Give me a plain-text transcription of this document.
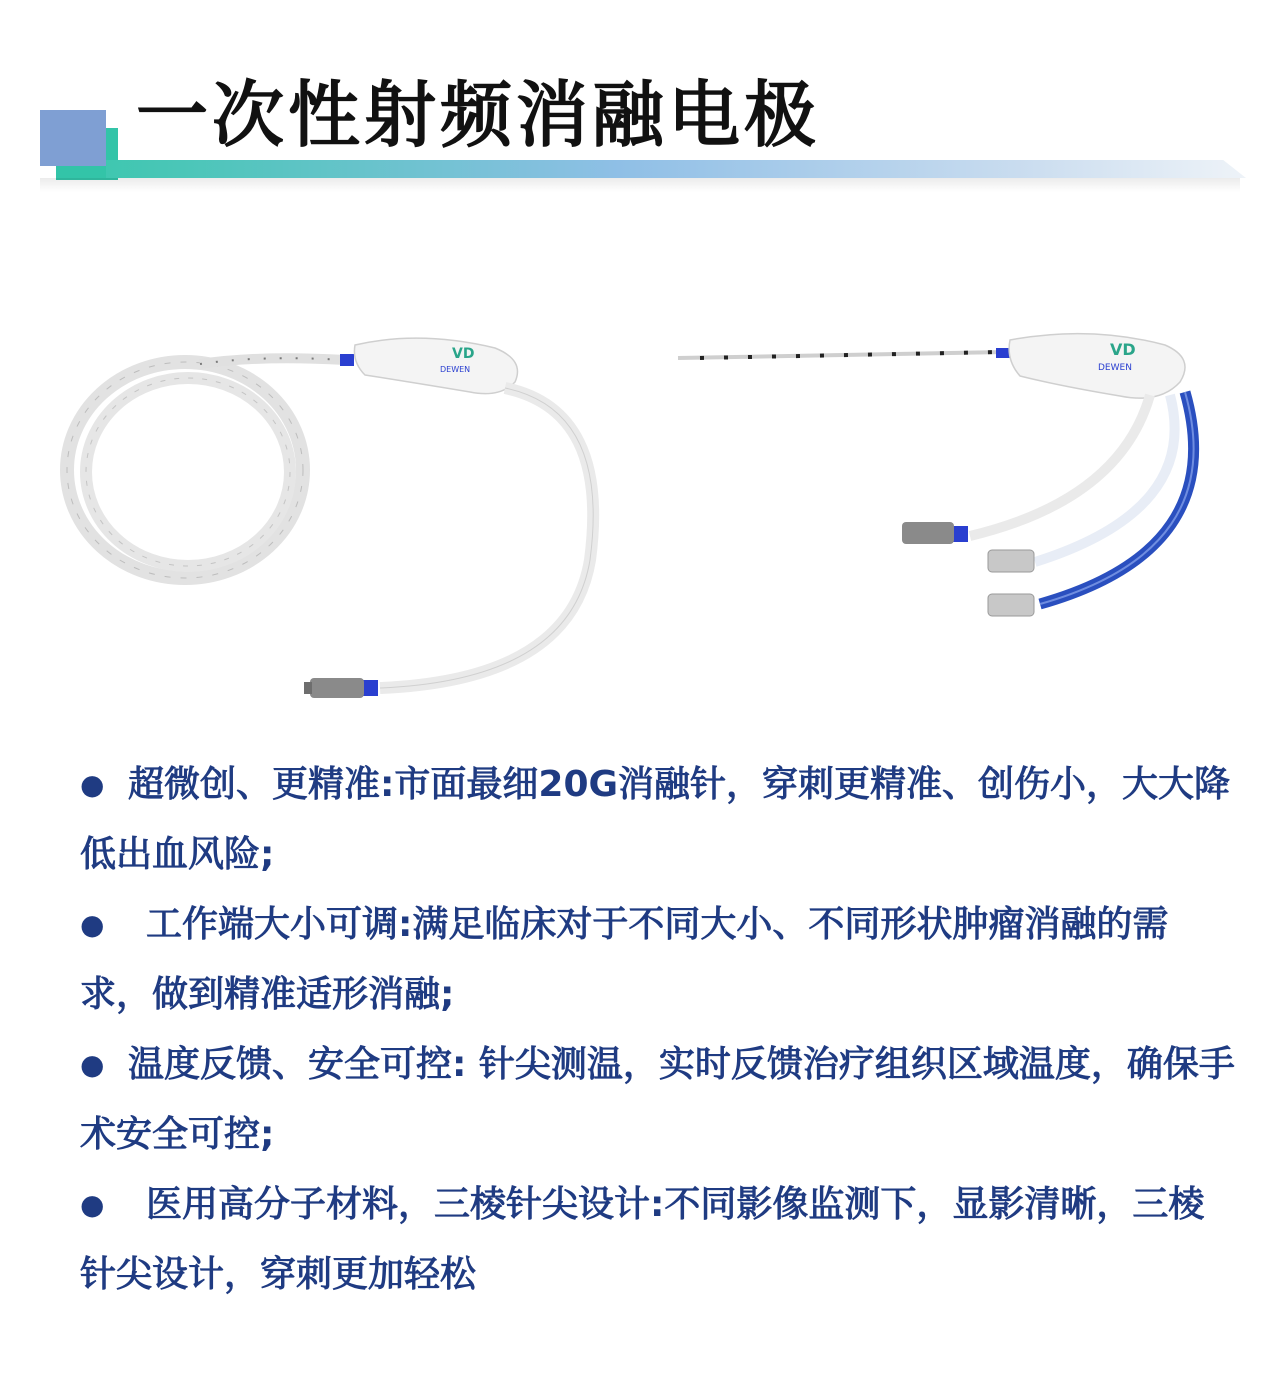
一次性射频消融电极
VD
DEWEN
VD
DEWEN

● 超微创、更精准:市面最细20G消融针，穿刺更精准、创伤小，大大降低出血风险;

● 工作端大小可调:满足临床对于不同大小、不同形状肿瘤消融的需求，做到精准适形消融;

● 温度反馈、安全可控: 针尖测温，实时反馈治疗组织区域温度，确保手术安全可控;

● 医用高分子材料，三棱针尖设计:不同影像监测下，显影清晰，三棱针尖设计，穿刺更加轻松
